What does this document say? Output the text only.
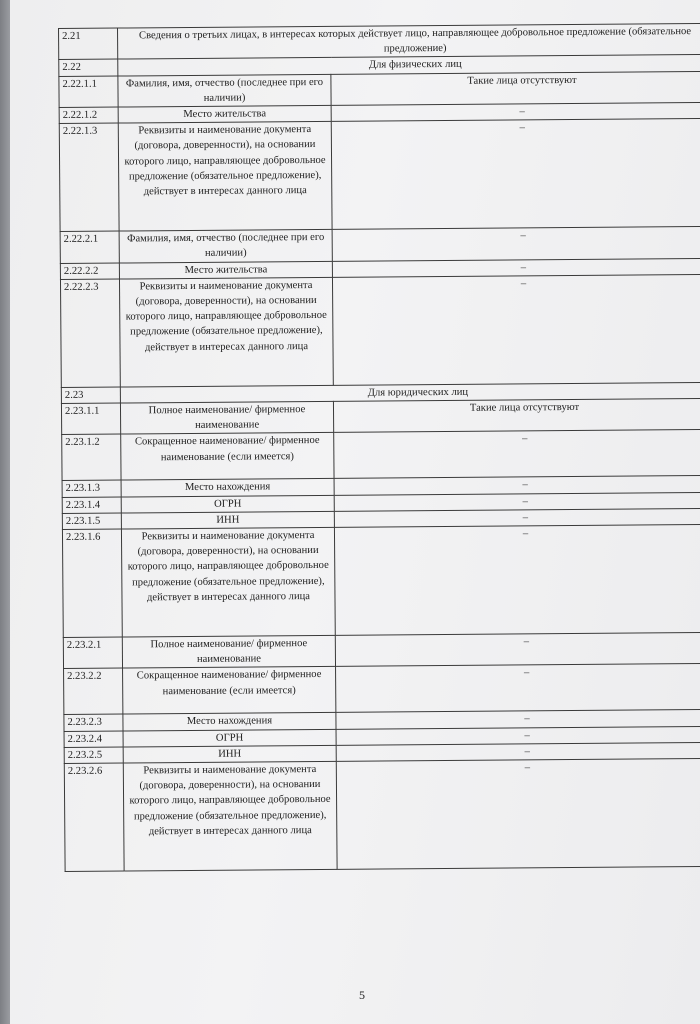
2.21	Сведения о третьих лицах, в интересах которых действует лицо, направляющее добровольное предложение (обязательное предложение)	
2.22	Для физических лиц	
2.22.1.1	Фамилия, имя, отчество (последнее при его наличии)	Такие лица отсутствуют
2.22.1.2	Место жительства	–
2.22.1.3	Реквизиты и наименование документа (договора, доверенности), на основании которого лицо, направляющее добровольное предложение (обязательное предложение), действует в интересах данного лица	–
2.22.2.1	Фамилия, имя, отчество (последнее при его наличии)	–
2.22.2.2	Место жительства	–
2.22.2.3	Реквизиты и наименование документа (договора, доверенности), на основании которого лицо, направляющее добровольное предложение (обязательное предложение), действует в интересах данного лица	–
2.23	Для юридических лиц	
2.23.1.1	Полное наименование/ фирменное наименование	Такие лица отсутствуют
2.23.1.2	Сокращенное наименование/ фирменное наименование (если имеется)	–
2.23.1.3	Место нахождения	–
2.23.1.4	ОГРН	–
2.23.1.5	ИНН	–
2.23.1.6	Реквизиты и наименование документа (договора, доверенности), на основании которого лицо, направляющее добровольное предложение (обязательное предложение), действует в интересах данного лица	–
2.23.2.1	Полное наименование/ фирменное наименование	–
2.23.2.2	Сокращенное наименование/ фирменное наименование (если имеется)	–
2.23.2.3	Место нахождения	–
2.23.2.4	ОГРН	–
2.23.2.5	ИНН	–
2.23.2.6	Реквизиты и наименование документа (договора, доверенности), на основании которого лицо, направляющее добровольное предложение (обязательное предложение), действует в интересах данного лица	–
5
